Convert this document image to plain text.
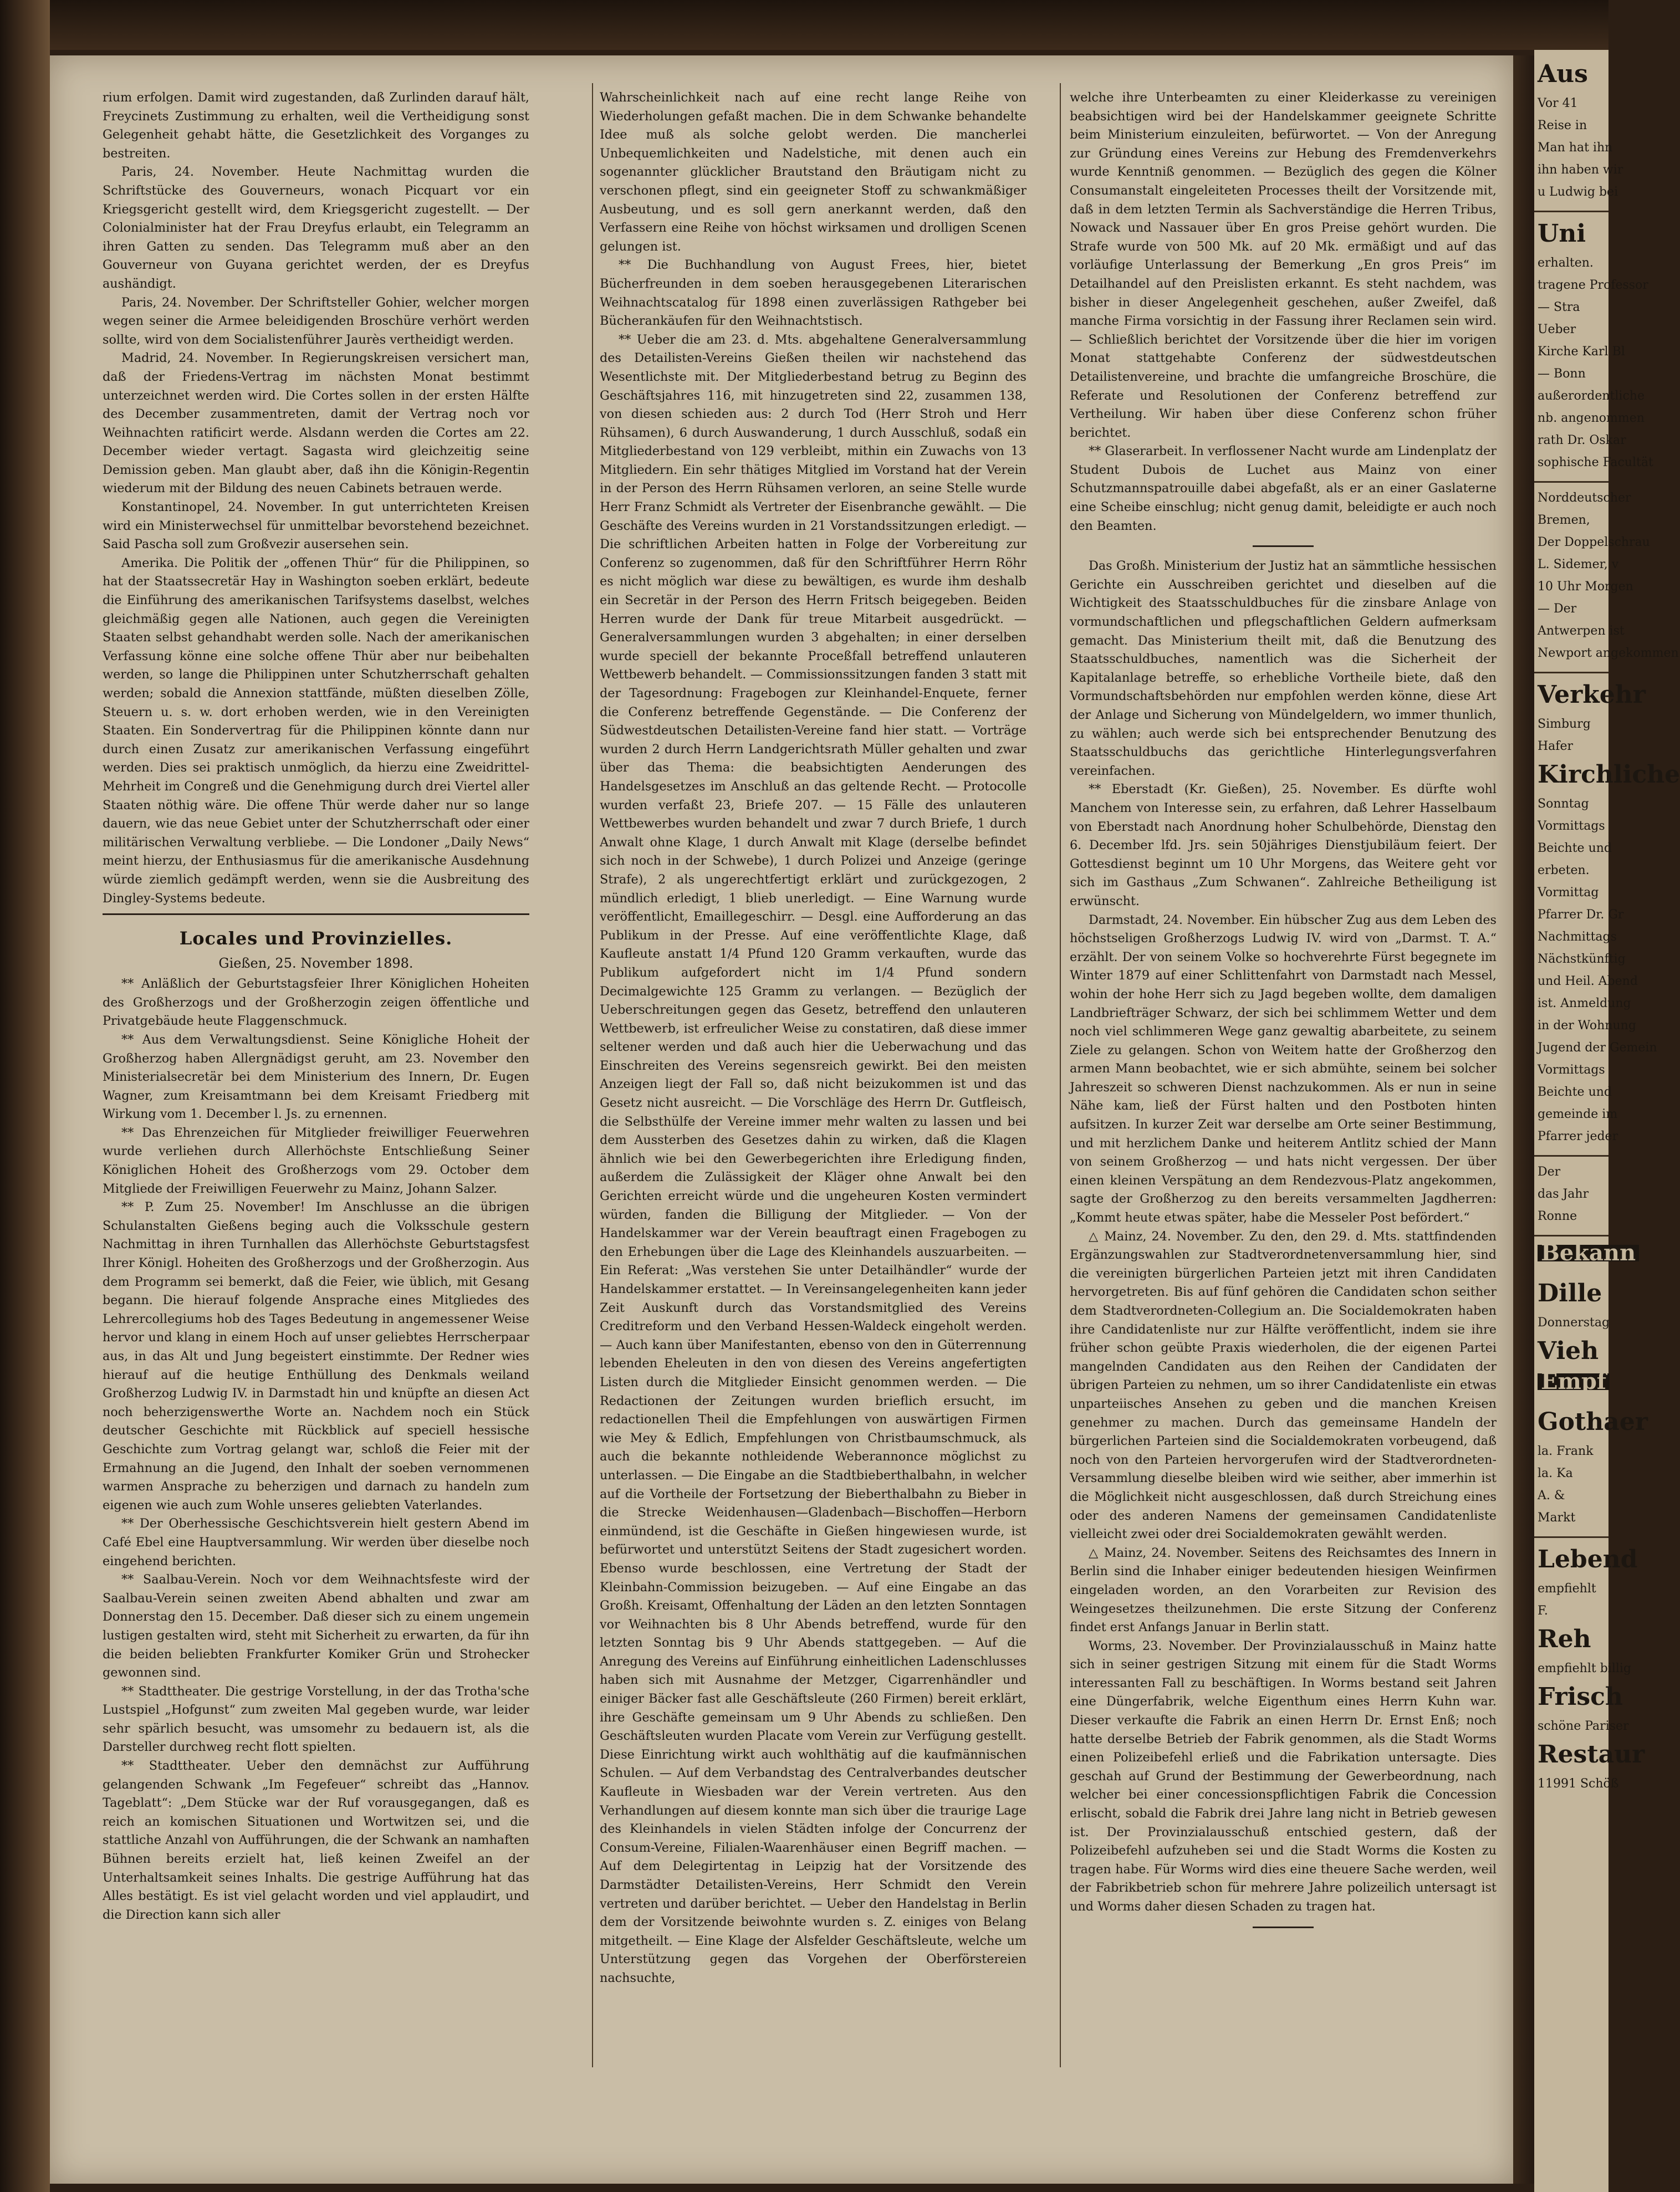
rium erfolgen. Damit wird zugestanden, daß Zurlinden darauf hält, Freycinets Zustimmung zu erhalten, weil die Vertheidigung sonst Gelegenheit gehabt hätte, die Gesetzlichkeit des Vorganges zu bestreiten.

Paris, 24. November. Heute Nachmittag wurden die Schriftstücke des Gouverneurs, wonach Picquart vor ein Kriegsgericht gestellt wird, dem Kriegsgericht zugestellt. — Der Colonialminister hat der Frau Dreyfus erlaubt, ein Telegramm an ihren Gatten zu senden. Das Telegramm muß aber an den Gouverneur von Guyana gerichtet werden, der es Dreyfus aushändigt.

Paris, 24. November. Der Schriftsteller Gohier, welcher morgen wegen seiner die Armee beleidigenden Broschüre verhört werden sollte, wird von dem Socialistenführer Jaurès vertheidigt werden.

Madrid, 24. November. In Regierungskreisen versichert man, daß der Friedens-Vertrag im nächsten Monat bestimmt unterzeichnet werden wird. Die Cortes sollen in der ersten Hälfte des December zusammentreten, damit der Vertrag noch vor Weihnachten ratificirt werde. Alsdann werden die Cortes am 22. December wieder vertagt. Sagasta wird gleichzeitig seine Demission geben. Man glaubt aber, daß ihn die Königin-Regentin wiederum mit der Bildung des neuen Cabinets betrauen werde.

Konstantinopel, 24. November. In gut unterrichteten Kreisen wird ein Ministerwechsel für unmittelbar bevorstehend bezeichnet. Said Pascha soll zum Großvezir ausersehen sein.

Amerika. Die Politik der „offenen Thür“ für die Philippinen, so hat der Staatssecretär Hay in Washington soeben erklärt, bedeute die Einführung des amerikanischen Tarifsystems daselbst, welches gleichmäßig gegen alle Nationen, auch gegen die Vereinigten Staaten selbst gehandhabt werden solle. Nach der amerikanischen Verfassung könne eine solche offene Thür aber nur beibehalten werden, so lange die Philippinen unter Schutzherrschaft gehalten werden; sobald die Annexion stattfände, müßten dieselben Zölle, Steuern u. s. w. dort erhoben werden, wie in den Vereinigten Staaten. Ein Sondervertrag für die Philippinen könnte dann nur durch einen Zusatz zur amerikanischen Verfassung eingeführt werden. Dies sei praktisch unmöglich, da hierzu eine Zweidrittel-Mehrheit im Congreß und die Genehmigung durch drei Viertel aller Staaten nöthig wäre. Die offene Thür werde daher nur so lange dauern, wie das neue Gebiet unter der Schutzherrschaft oder einer militärischen Verwaltung verbliebe. — Die Londoner „Daily News“ meint hierzu, der Enthusiasmus für die amerikanische Ausdehnung würde ziemlich gedämpft werden, wenn sie die Ausbreitung des Dingley-Systems bedeute.

Locales und Provinzielles.
Gießen, 25. November 1898.

** Anläßlich der Geburtstagsfeier Ihrer Königlichen Hoheiten des Großherzogs und der Großherzogin zeigen öffentliche und Privatgebäude heute Flaggenschmuck.

** Aus dem Verwaltungsdienst. Seine Königliche Hoheit der Großherzog haben Allergnädigst geruht, am 23. November den Ministerialsecretär bei dem Ministerium des Innern, Dr. Eugen Wagner, zum Kreisamtmann bei dem Kreisamt Friedberg mit Wirkung vom 1. December l. Js. zu ernennen.

** Das Ehrenzeichen für Mitglieder freiwilliger Feuerwehren wurde verliehen durch Allerhöchste Entschließung Seiner Königlichen Hoheit des Großherzogs vom 29. October dem Mitgliede der Freiwilligen Feuerwehr zu Mainz, Johann Salzer.

** P. Zum 25. November! Im Anschlusse an die übrigen Schulanstalten Gießens beging auch die Volksschule gestern Nachmittag in ihren Turnhallen das Allerhöchste Geburtstagsfest Ihrer Königl. Hoheiten des Großherzogs und der Großherzogin. Aus dem Programm sei bemerkt, daß die Feier, wie üblich, mit Gesang begann. Die hierauf folgende Ansprache eines Mitgliedes des Lehrercollegiums hob des Tages Bedeutung in angemessener Weise hervor und klang in einem Hoch auf unser geliebtes Herrscherpaar aus, in das Alt und Jung begeistert einstimmte. Der Redner wies hierauf auf die heutige Enthüllung des Denkmals weiland Großherzog Ludwig IV. in Darmstadt hin und knüpfte an diesen Act noch beherzigenswerthe Worte an. Nachdem noch ein Stück deutscher Geschichte mit Rückblick auf speciell hessische Geschichte zum Vortrag gelangt war, schloß die Feier mit der Ermahnung an die Jugend, den Inhalt der soeben vernommenen warmen Ansprache zu beherzigen und darnach zu handeln zum eigenen wie auch zum Wohle unseres geliebten Vaterlandes.

** Der Oberhessische Geschichtsverein hielt gestern Abend im Café Ebel eine Hauptversammlung. Wir werden über dieselbe noch eingehend berichten.

** Saalbau-Verein. Noch vor dem Weihnachtsfeste wird der Saalbau-Verein seinen zweiten Abend abhalten und zwar am Donnerstag den 15. December. Daß dieser sich zu einem ungemein lustigen gestalten wird, steht mit Sicherheit zu erwarten, da für ihn die beiden beliebten Frankfurter Komiker Grün und Strohecker gewonnen sind.

** Stadttheater. Die gestrige Vorstellung, in der das Trotha'sche Lustspiel „Hofgunst“ zum zweiten Mal gegeben wurde, war leider sehr spärlich besucht, was umsomehr zu bedauern ist, als die Darsteller durchweg recht flott spielten.

** Stadttheater. Ueber den demnächst zur Aufführung gelangenden Schwank „Im Fegefeuer“ schreibt das „Hannov. Tageblatt“: „Dem Stücke war der Ruf vorausgegangen, daß es reich an komischen Situationen und Wortwitzen sei, und die stattliche Anzahl von Aufführungen, die der Schwank an namhaften Bühnen bereits erzielt hat, ließ keinen Zweifel an der Unterhaltsamkeit seines Inhalts. Die gestrige Aufführung hat das Alles bestätigt. Es ist viel gelacht worden und viel applaudirt, und die Direction kann sich aller

Wahrscheinlichkeit nach auf eine recht lange Reihe von Wiederholungen gefaßt machen. Die in dem Schwanke behandelte Idee muß als solche gelobt werden. Die mancherlei Unbequemlichkeiten und Nadelstiche, mit denen auch ein sogenannter glücklicher Brautstand den Bräutigam nicht zu verschonen pflegt, sind ein geeigneter Stoff zu schwankmäßiger Ausbeutung, und es soll gern anerkannt werden, daß den Verfassern eine Reihe von höchst wirksamen und drolligen Scenen gelungen ist.

** Die Buchhandlung von August Frees, hier, bietet Bücherfreunden in dem soeben herausgegebenen Literarischen Weihnachtscatalog für 1898 einen zuverlässigen Rathgeber bei Bücherankäufen für den Weihnachtstisch.

** Ueber die am 23. d. Mts. abgehaltene Generalversammlung des Detailisten-Vereins Gießen theilen wir nachstehend das Wesentlichste mit. Der Mitgliederbestand betrug zu Beginn des Geschäftsjahres 116, mit hinzugetreten sind 22, zusammen 138, von diesen schieden aus: 2 durch Tod (Herr Stroh und Herr Rühsamen), 6 durch Auswanderung, 1 durch Ausschluß, sodaß ein Mitgliederbestand von 129 verbleibt, mithin ein Zuwachs von 13 Mitgliedern. Ein sehr thätiges Mitglied im Vorstand hat der Verein in der Person des Herrn Rühsamen verloren, an seine Stelle wurde Herr Franz Schmidt als Vertreter der Eisenbranche gewählt. — Die Geschäfte des Vereins wurden in 21 Vorstandssitzungen erledigt. — Die schriftlichen Arbeiten hatten in Folge der Vorbereitung zur Conferenz so zugenommen, daß für den Schriftführer Herrn Röhr es nicht möglich war diese zu bewältigen, es wurde ihm deshalb ein Secretär in der Person des Herrn Fritsch beigegeben. Beiden Herren wurde der Dank für treue Mitarbeit ausgedrückt. — Generalversammlungen wurden 3 abgehalten; in einer derselben wurde speciell der bekannte Proceßfall betreffend unlauteren Wettbewerb behandelt. — Commissionssitzungen fanden 3 statt mit der Tagesordnung: Fragebogen zur Kleinhandel-Enquete, ferner die Conferenz betreffende Gegenstände. — Die Conferenz der Südwestdeutschen Detailisten-Vereine fand hier statt. — Vorträge wurden 2 durch Herrn Landgerichtsrath Müller gehalten und zwar über das Thema: die beabsichtigten Aenderungen des Handelsgesetzes im Anschluß an das geltende Recht. — Protocolle wurden verfaßt 23, Briefe 207. — 15 Fälle des unlauteren Wettbewerbes wurden behandelt und zwar 7 durch Briefe, 1 durch Anwalt ohne Klage, 1 durch Anwalt mit Klage (derselbe befindet sich noch in der Schwebe), 1 durch Polizei und Anzeige (geringe Strafe), 2 als ungerechtfertigt erklärt und zurückgezogen, 2 mündlich erledigt, 1 blieb unerledigt. — Eine Warnung wurde veröffentlicht, Emaillegeschirr. — Desgl. eine Aufforderung an das Publikum in der Presse. Auf eine veröffentlichte Klage, daß Kaufleute anstatt 1/4 Pfund 120 Gramm verkauften, wurde das Publikum aufgefordert nicht im 1/4 Pfund sondern Decimalgewichte 125 Gramm zu verlangen. — Bezüglich der Ueberschreitungen gegen das Gesetz, betreffend den unlauteren Wettbewerb, ist erfreulicher Weise zu constatiren, daß diese immer seltener werden und daß auch hier die Ueberwachung und das Einschreiten des Vereins segensreich gewirkt. Bei den meisten Anzeigen liegt der Fall so, daß nicht beizukommen ist und das Gesetz nicht ausreicht. — Die Vorschläge des Herrn Dr. Gutfleisch, die Selbsthülfe der Vereine immer mehr walten zu lassen und bei dem Aussterben des Gesetzes dahin zu wirken, daß die Klagen ähnlich wie bei den Gewerbegerichten ihre Erledigung finden, außerdem die Zulässigkeit der Kläger ohne Anwalt bei den Gerichten erreicht würde und die ungeheuren Kosten vermindert würden, fanden die Billigung der Mitglieder. — Von der Handelskammer war der Verein beauftragt einen Fragebogen zu den Erhebungen über die Lage des Kleinhandels auszuarbeiten. — Ein Referat: „Was verstehen Sie unter Detailhändler“ wurde der Handelskammer erstattet. — In Vereinsangelegenheiten kann jeder Zeit Auskunft durch das Vorstandsmitglied des Vereins Creditreform und den Verband Hessen-Waldeck eingeholt werden. — Auch kann über Manifestanten, ebenso von den in Güterrennung lebenden Eheleuten in den von diesen des Vereins angefertigten Listen durch die Mitglieder Einsicht genommen werden. — Die Redactionen der Zeitungen wurden brieflich ersucht, im redactionellen Theil die Empfehlungen von auswärtigen Firmen wie Mey & Edlich, Empfehlungen von Christbaumschmuck, als auch die bekannte nothleidende Weberannonce möglichst zu unterlassen. — Die Eingabe an die Stadtbieberthalbahn, in welcher auf die Vortheile der Fortsetzung der Bieberthalbahn zu Bieber in die Strecke Weidenhausen—Gladenbach—Bischoffen—Herborn einmündend, ist die Geschäfte in Gießen hingewiesen wurde, ist befürwortet und unterstützt Seitens der Stadt zugesichert worden. Ebenso wurde beschlossen, eine Vertretung der Stadt der Kleinbahn-Commission beizugeben. — Auf eine Eingabe an das Großh. Kreisamt, Offenhaltung der Läden an den letzten Sonntagen vor Weihnachten bis 8 Uhr Abends betreffend, wurde für den letzten Sonntag bis 9 Uhr Abends stattgegeben. — Auf die Anregung des Vereins auf Einführung einheitlichen Ladenschlusses haben sich mit Ausnahme der Metzger, Cigarrenhändler und einiger Bäcker fast alle Geschäftsleute (260 Firmen) bereit erklärt, ihre Geschäfte gemeinsam um 9 Uhr Abends zu schließen. Den Geschäftsleuten wurden Placate vom Verein zur Verfügung gestellt. Diese Einrichtung wirkt auch wohlthätig auf die kaufmännischen Schulen. — Auf dem Verbandstag des Centralverbandes deutscher Kaufleute in Wiesbaden war der Verein vertreten. Aus den Verhandlungen auf diesem konnte man sich über die traurige Lage des Kleinhandels in vielen Städten infolge der Concurrenz der Consum-Vereine, Filialen-Waarenhäuser einen Begriff machen. — Auf dem Delegirtentag in Leipzig hat der Vorsitzende des Darmstädter Detailisten-Vereins, Herr Schmidt den Verein vertreten und darüber berichtet. — Ueber den Handelstag in Berlin dem der Vorsitzende beiwohnte wurden s. Z. einiges von Belang mitgetheilt. — Eine Klage der Alsfelder Geschäftsleute, welche um Unterstützung gegen das Vorgehen der Oberförstereien nachsuchte,

welche ihre Unterbeamten zu einer Kleiderkasse zu vereinigen beabsichtigen wird bei der Handelskammer geeignete Schritte beim Ministerium einzuleiten, befürwortet. — Von der Anregung zur Gründung eines Vereins zur Hebung des Fremdenverkehrs wurde Kenntniß genommen. — Bezüglich des gegen die Kölner Consumanstalt eingeleiteten Processes theilt der Vorsitzende mit, daß in dem letzten Termin als Sachverständige die Herren Tribus, Nowack und Nassauer über En gros Preise gehört wurden. Die Strafe wurde von 500 Mk. auf 20 Mk. ermäßigt und auf das vorläufige Unterlassung der Bemerkung „En gros Preis“ im Detailhandel auf den Preislisten erkannt. Es steht nachdem, was bisher in dieser Angelegenheit geschehen, außer Zweifel, daß manche Firma vorsichtig in der Fassung ihrer Reclamen sein wird. — Schließlich berichtet der Vorsitzende über die hier im vorigen Monat stattgehabte Conferenz der südwestdeutschen Detailistenvereine, und brachte die umfangreiche Broschüre, die Referate und Resolutionen der Conferenz betreffend zur Vertheilung. Wir haben über diese Conferenz schon früher berichtet.

** Glaserarbeit. In verflossener Nacht wurde am Lindenplatz der Student Dubois de Luchet aus Mainz von einer Schutzmannspatrouille dabei abgefaßt, als er an einer Gaslaterne eine Scheibe einschlug; nicht genug damit, beleidigte er auch noch den Beamten.

Das Großh. Ministerium der Justiz hat an sämmtliche hessischen Gerichte ein Ausschreiben gerichtet und dieselben auf die Wichtigkeit des Staatsschuldbuches für die zinsbare Anlage von vormundschaftlichen und pflegschaftlichen Geldern aufmerksam gemacht. Das Ministerium theilt mit, daß die Benutzung des Staatsschuldbuches, namentlich was die Sicherheit der Kapitalanlage betreffe, so erhebliche Vortheile biete, daß den Vormundschaftsbehörden nur empfohlen werden könne, diese Art der Anlage und Sicherung von Mündelgeldern, wo immer thunlich, zu wählen; auch werde sich bei entsprechender Benutzung des Staatsschuldbuchs das gerichtliche Hinterlegungsverfahren vereinfachen.

** Eberstadt (Kr. Gießen), 25. November. Es dürfte wohl Manchem von Interesse sein, zu erfahren, daß Lehrer Hasselbaum von Eberstadt nach Anordnung hoher Schulbehörde, Dienstag den 6. December lfd. Jrs. sein 50jähriges Dienstjubiläum feiert. Der Gottesdienst beginnt um 10 Uhr Morgens, das Weitere geht vor sich im Gasthaus „Zum Schwanen“. Zahlreiche Betheiligung ist erwünscht.

Darmstadt, 24. November. Ein hübscher Zug aus dem Leben des höchstseligen Großherzogs Ludwig IV. wird von „Darmst. T. A.“ erzählt. Der von seinem Volke so hochverehrte Fürst begegnete im Winter 1879 auf einer Schlittenfahrt von Darmstadt nach Messel, wohin der hohe Herr sich zu Jagd begeben wollte, dem damaligen Landbriefträger Schwarz, der sich bei schlimmem Wetter und dem noch viel schlimmeren Wege ganz gewaltig abarbeitete, zu seinem Ziele zu gelangen. Schon von Weitem hatte der Großherzog den armen Mann beobachtet, wie er sich abmühte, seinem bei solcher Jahreszeit so schweren Dienst nachzukommen. Als er nun in seine Nähe kam, ließ der Fürst halten und den Postboten hinten aufsitzen. In kurzer Zeit war derselbe am Orte seiner Bestimmung, und mit herzlichem Danke und heiterem Antlitz schied der Mann von seinem Großherzog — und hats nicht vergessen. Der über einen kleinen Verspätung an dem Rendezvous-Platz angekommen, sagte der Großherzog zu den bereits versammelten Jagdherren: „Kommt heute etwas später, habe die Messeler Post befördert.“

△ Mainz, 24. November. Zu den, den 29. d. Mts. stattfindenden Ergänzungswahlen zur Stadtverordnetenversammlung hier, sind die vereinigten bürgerlichen Parteien jetzt mit ihren Candidaten hervorgetreten. Bis auf fünf gehören die Candidaten schon seither dem Stadtverordneten-Collegium an. Die Socialdemokraten haben ihre Candidatenliste nur zur Hälfte veröffentlicht, indem sie ihre früher schon geübte Praxis wiederholen, die der eigenen Partei mangelnden Candidaten aus den Reihen der Candidaten der übrigen Parteien zu nehmen, um so ihrer Candidatenliste ein etwas unparteiisches Ansehen zu geben und die manchen Kreisen genehmer zu machen. Durch das gemeinsame Handeln der bürgerlichen Parteien sind die Socialdemokraten vorbeugend, daß noch von den Parteien hervorgerufen wird der Stadtverordneten-Versammlung dieselbe bleiben wird wie seither, aber immerhin ist die Möglichkeit nicht ausgeschlossen, daß durch Streichung eines oder des anderen Namens der gemeinsamen Candidatenliste vielleicht zwei oder drei Socialdemokraten gewählt werden.

△ Mainz, 24. November. Seitens des Reichsamtes des Innern in Berlin sind die Inhaber einiger bedeutenden hiesigen Weinfirmen eingeladen worden, an den Vorarbeiten zur Revision des Weingesetzes theilzunehmen. Die erste Sitzung der Conferenz findet erst Anfangs Januar in Berlin statt.

Worms, 23. November. Der Provinzialausschuß in Mainz hatte sich in seiner gestrigen Sitzung mit einem für die Stadt Worms interessanten Fall zu beschäftigen. In Worms bestand seit Jahren eine Düngerfabrik, welche Eigenthum eines Herrn Kuhn war. Dieser verkaufte die Fabrik an einen Herrn Dr. Ernst Enß; noch hatte derselbe Betrieb der Fabrik genommen, als die Stadt Worms einen Polizeibefehl erließ und die Fabrikation untersagte. Dies geschah auf Grund der Bestimmung der Gewerbeordnung, nach welcher bei einer concessionspflichtigen Fabrik die Concession erlischt, sobald die Fabrik drei Jahre lang nicht in Betrieb gewesen ist. Der Provinzialausschuß entschied gestern, daß der Polizeibefehl aufzuheben sei und die Stadt Worms die Kosten zu tragen habe. Für Worms wird dies eine theuere Sache werden, weil der Fabrikbetrieb schon für mehrere Jahre polizeilich untersagt ist und Worms daher diesen Schaden zu tragen hat.

Aus
Vor 41
Reise in
Man hat ihn
ihn haben wir
u Ludwig bei
Uni
erhalten.
tragene Professor
— Stra
Ueber
Kirche Karl Bl
— Bonn
außerordentliche
nb. angenommen
rath Dr. Oskar
sophische Facultät
Norddeutscher
Bremen,
Der Doppelschrau
L. Sidemer, v
10 Uhr Morgen
— Der
Antwerpen ist
Newport angekommen
Verkehr
Simburg
Hafer
Kirchliche
Sonntag
Vormittags
Beichte und
erbeten.
Vormittag
Pfarrer Dr. Gr
Nachmittags
Nächstkünftig
und Heil. Abend
ist. Anmeldung
in der Wohnung
Jugend der Gemein
Vormittags
Beichte und
gemeinde im
Pfarrer jeder
Der
das Jahr
Ronne
Bekann
Dille
Donnerstag
Vieh
Empf
Gothaer
la. Frank
la. Ka
A. &
Markt
Lebend
empfiehlt
F.
Reh
empfiehlt billig
Frisch
schöne Pariser
Restaur
11991 Schöß
